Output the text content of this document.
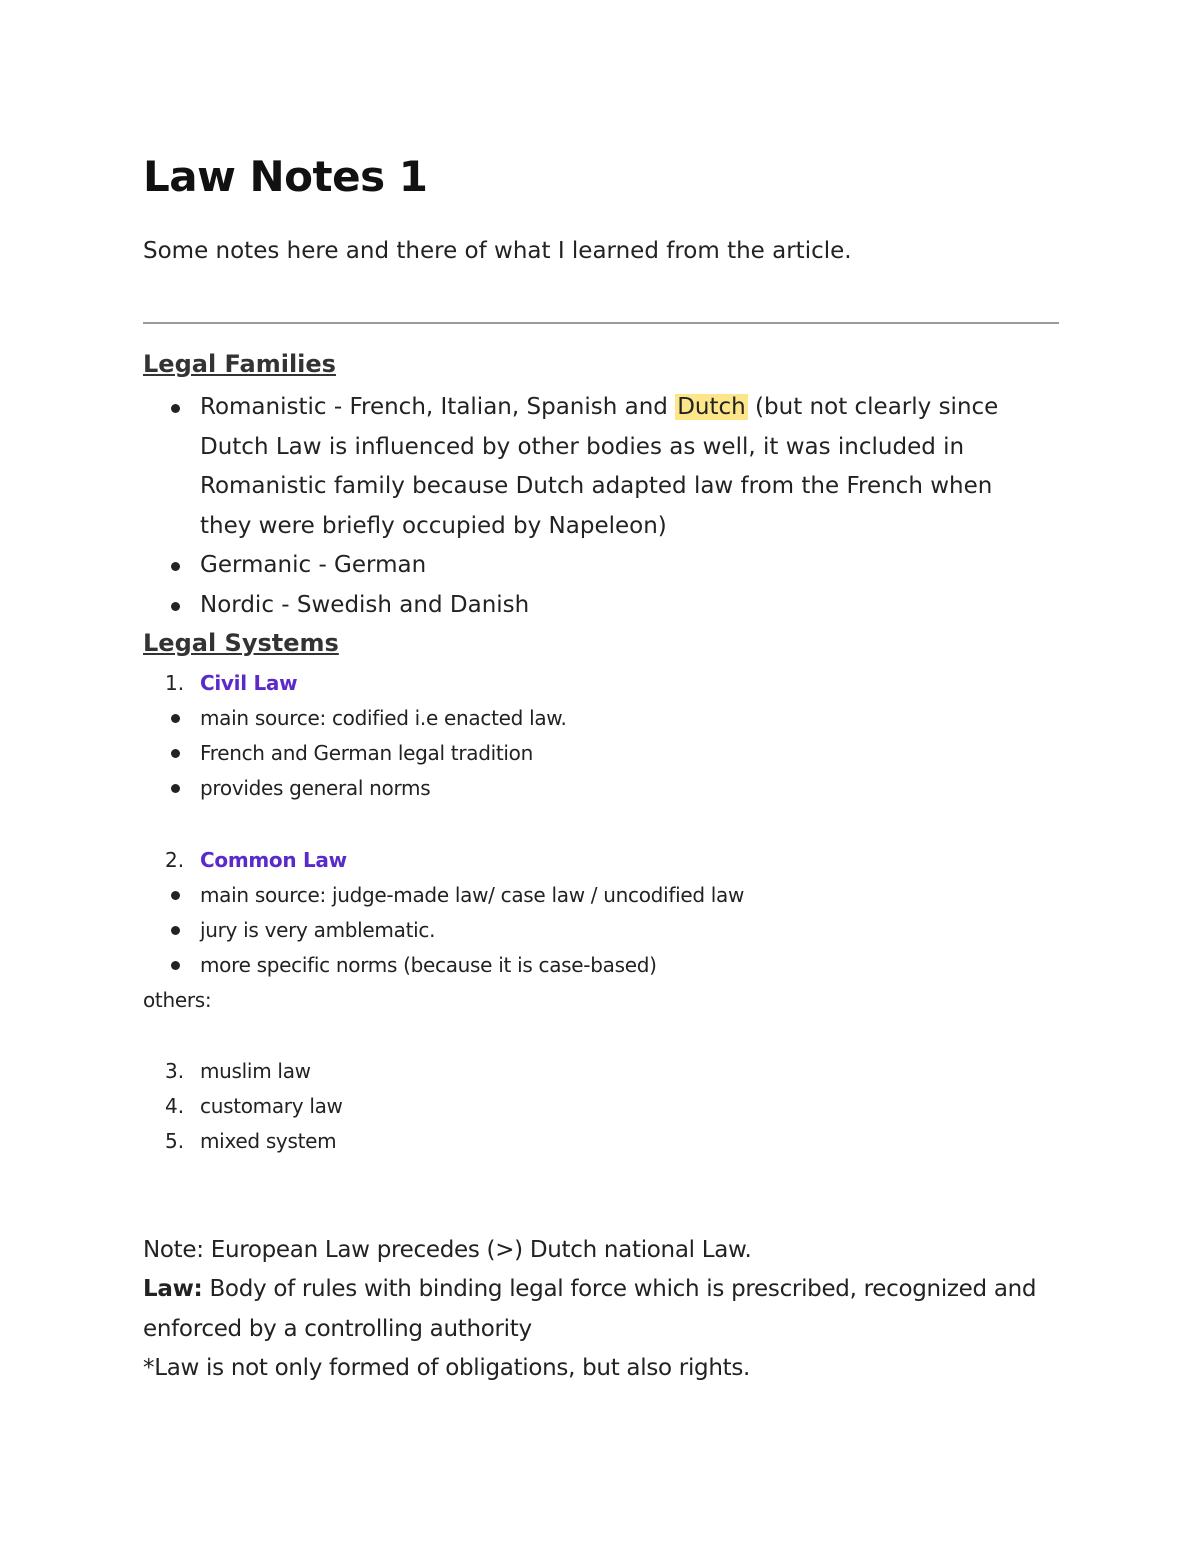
Law Notes 1
Some notes here and there of what I learned from the article.
Legal Families
Romanistic - French, Italian, Spanish and Dutch (but not clearly since Dutch Law is influenced by other bodies as well, it was included in Romanistic family because Dutch adapted law from the French when they were briefly occupied by Napeleon)
Germanic - German
Nordic - Swedish and Danish
Legal Systems
1. Civil Law
main source: codified i.e enacted law.
French and German legal tradition
provides general norms
2. Common Law
main source: judge-made law/ case law / uncodified law
jury is very amblematic.
more specific norms (because it is case-based)
others:
3. muslim law
4. customary law
5. mixed system
Note: European Law precedes (>) Dutch national Law.
Law: Body of rules with binding legal force which is prescribed, recognized and enforced by a controlling authority
*Law is not only formed of obligations, but also rights.
